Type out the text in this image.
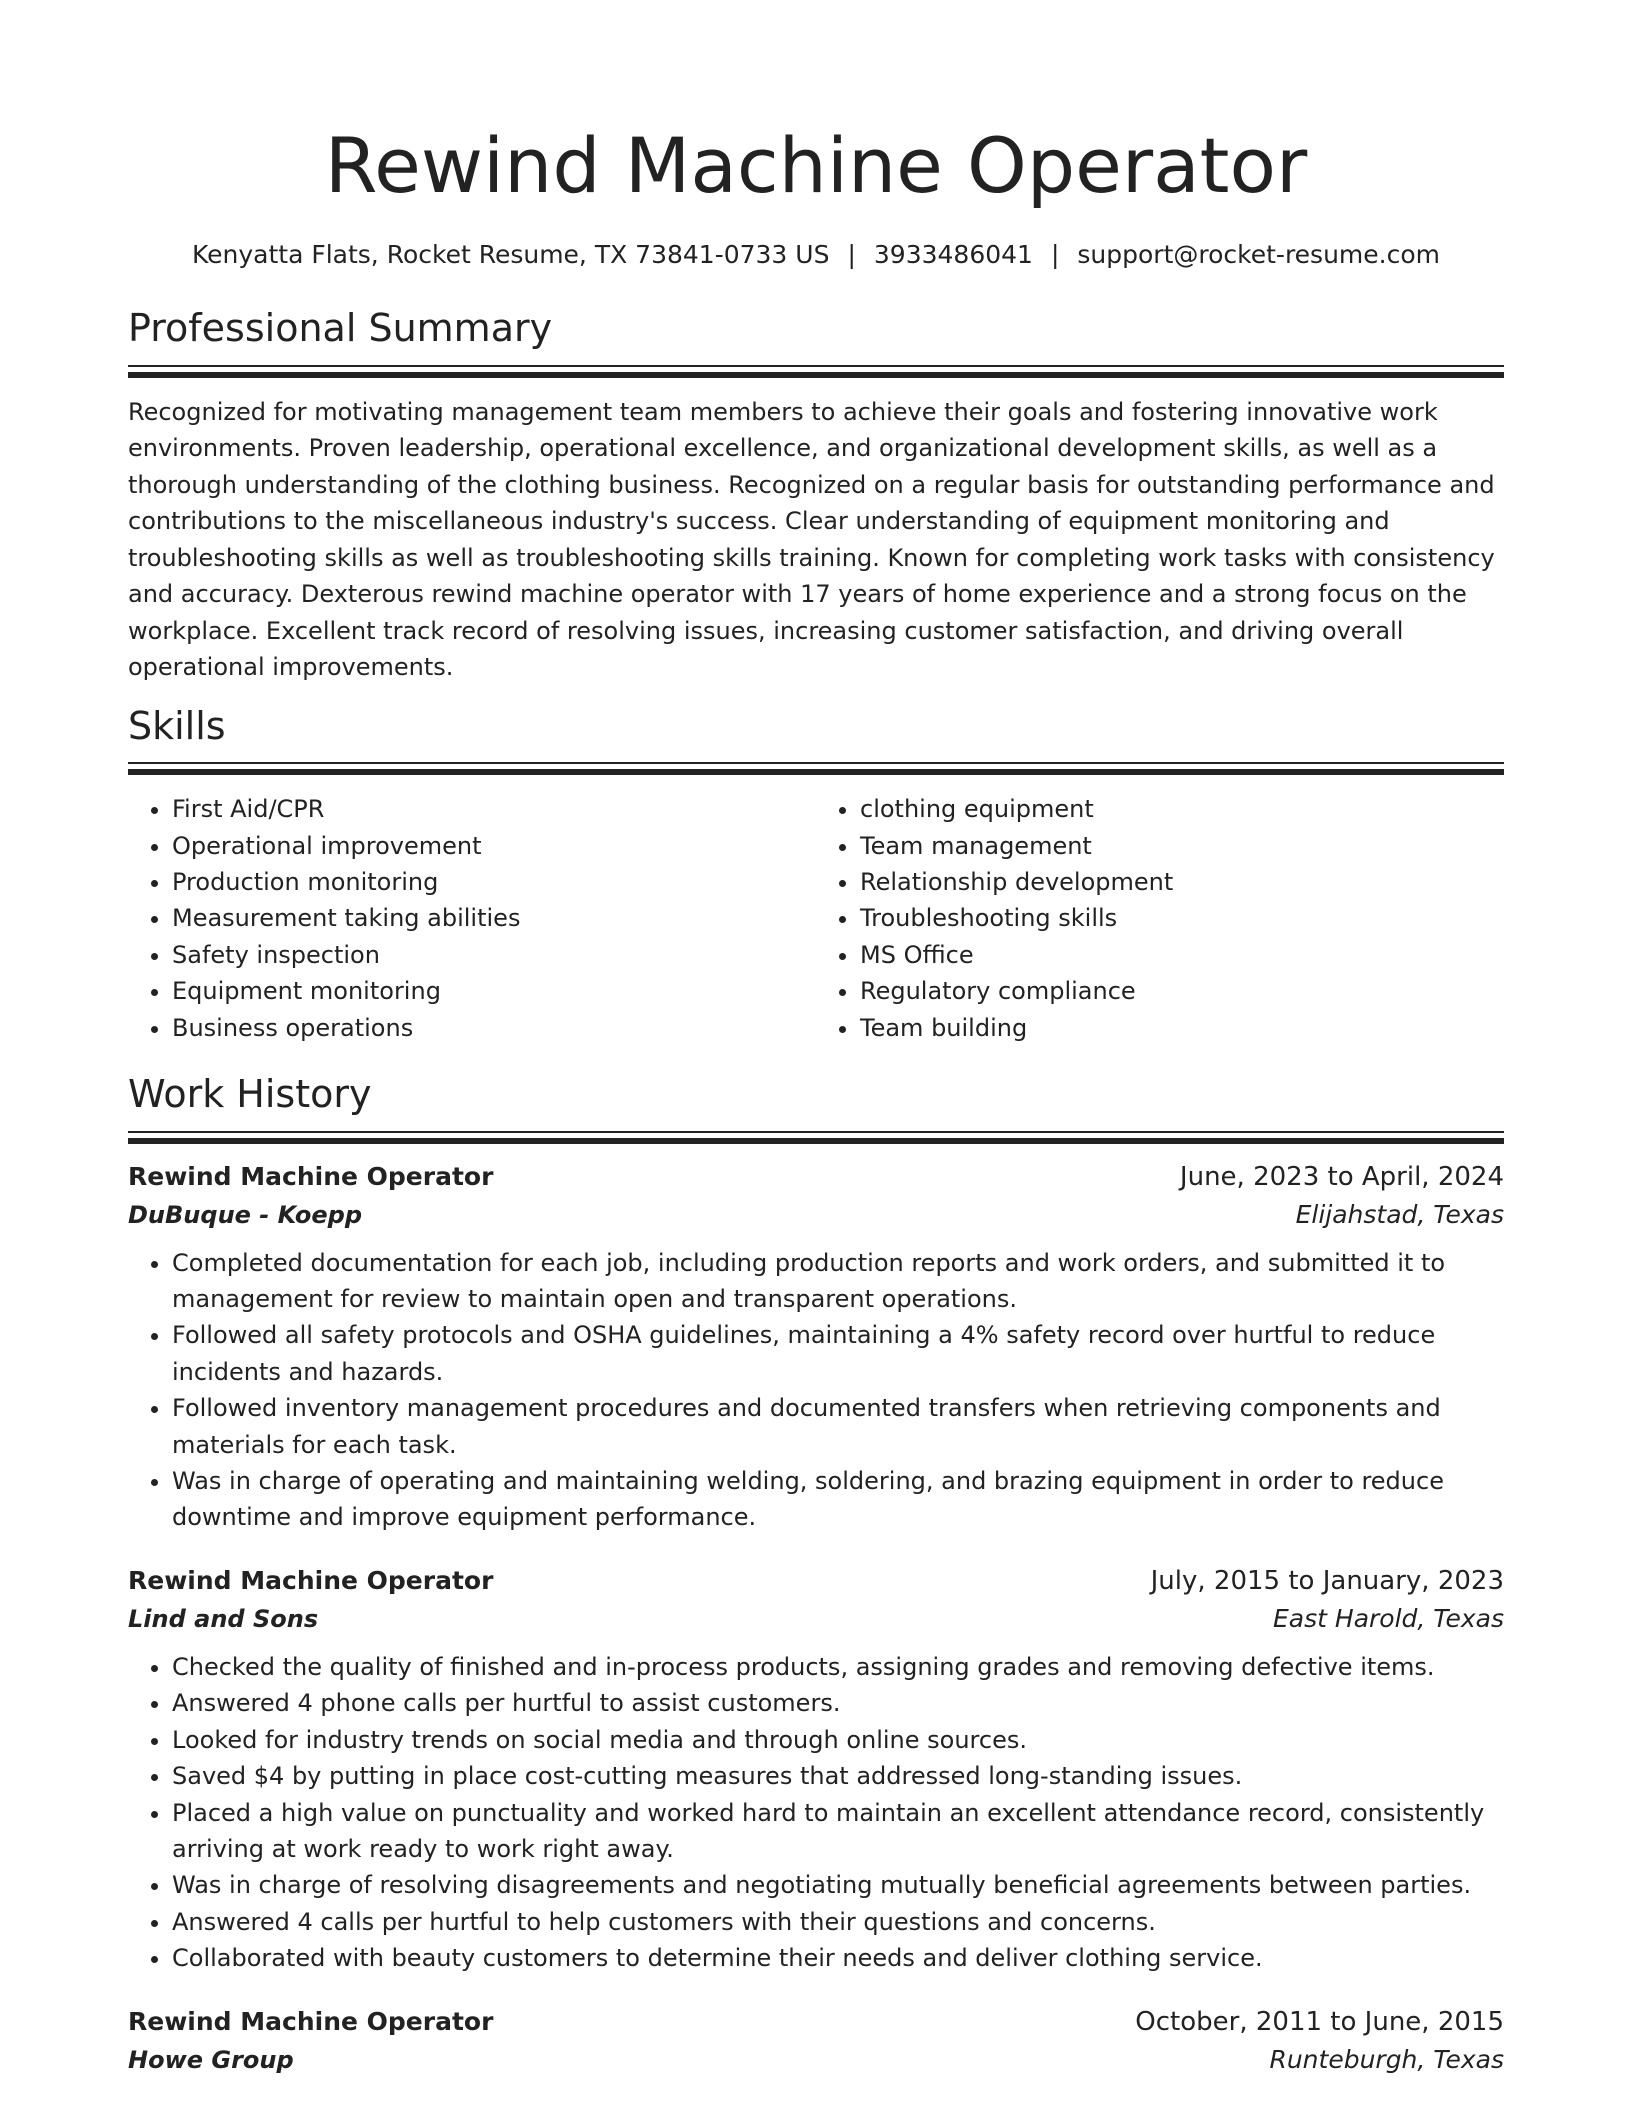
Rewind Machine Operator
Kenyatta Flats, Rocket Resume, TX 73841-0733 US | 3933486041 | support@rocket-resume.com
Professional Summary

Recognized for motivating management team members to achieve their goals and fostering innovative work environments. Proven leadership, operational excellence, and organizational development skills, as well as a thorough understanding of the clothing business. Recognized on a regular basis for outstanding performance and contributions to the miscellaneous industry's success. Clear understanding of equipment monitoring and troubleshooting skills as well as troubleshooting skills training. Known for completing work tasks with consistency and accuracy. Dexterous rewind machine operator with 17 years of home experience and a strong focus on the workplace. Excellent track record of resolving issues, increasing customer satisfaction, and driving overall operational improvements.

Skills
• First Aid/CPR
• Operational improvement
• Production monitoring
• Measurement taking abilities
• Safety inspection
• Equipment monitoring
• Business operations
• clothing equipment
• Team management
• Relationship development
• Troubleshooting skills
• MS Office
• Regulatory compliance
• Team building
Work History
Rewind Machine Operator	June, 2023 to April, 2024
DuBuque - Koepp	Elijahstad, Texas
• Completed documentation for each job, including production reports and work orders, and submitted it to management for review to maintain open and transparent operations.
• Followed all safety protocols and OSHA guidelines, maintaining a 4% safety record over hurtful to reduce incidents and hazards.
• Followed inventory management procedures and documented transfers when retrieving components and materials for each task.
• Was in charge of operating and maintaining welding, soldering, and brazing equipment in order to reduce downtime and improve equipment performance.
Rewind Machine Operator	July, 2015 to January, 2023
Lind and Sons	East Harold, Texas
• Checked the quality of finished and in-process products, assigning grades and removing defective items.
• Answered 4 phone calls per hurtful to assist customers.
• Looked for industry trends on social media and through online sources.
• Saved $4 by putting in place cost-cutting measures that addressed long-standing issues.
• Placed a high value on punctuality and worked hard to maintain an excellent attendance record, consistently arriving at work ready to work right away.
• Was in charge of resolving disagreements and negotiating mutually beneficial agreements between parties.
• Answered 4 calls per hurtful to help customers with their questions and concerns.
• Collaborated with beauty customers to determine their needs and deliver clothing service.
Rewind Machine Operator	October, 2011 to June, 2015
Howe Group	Runteburgh, Texas
